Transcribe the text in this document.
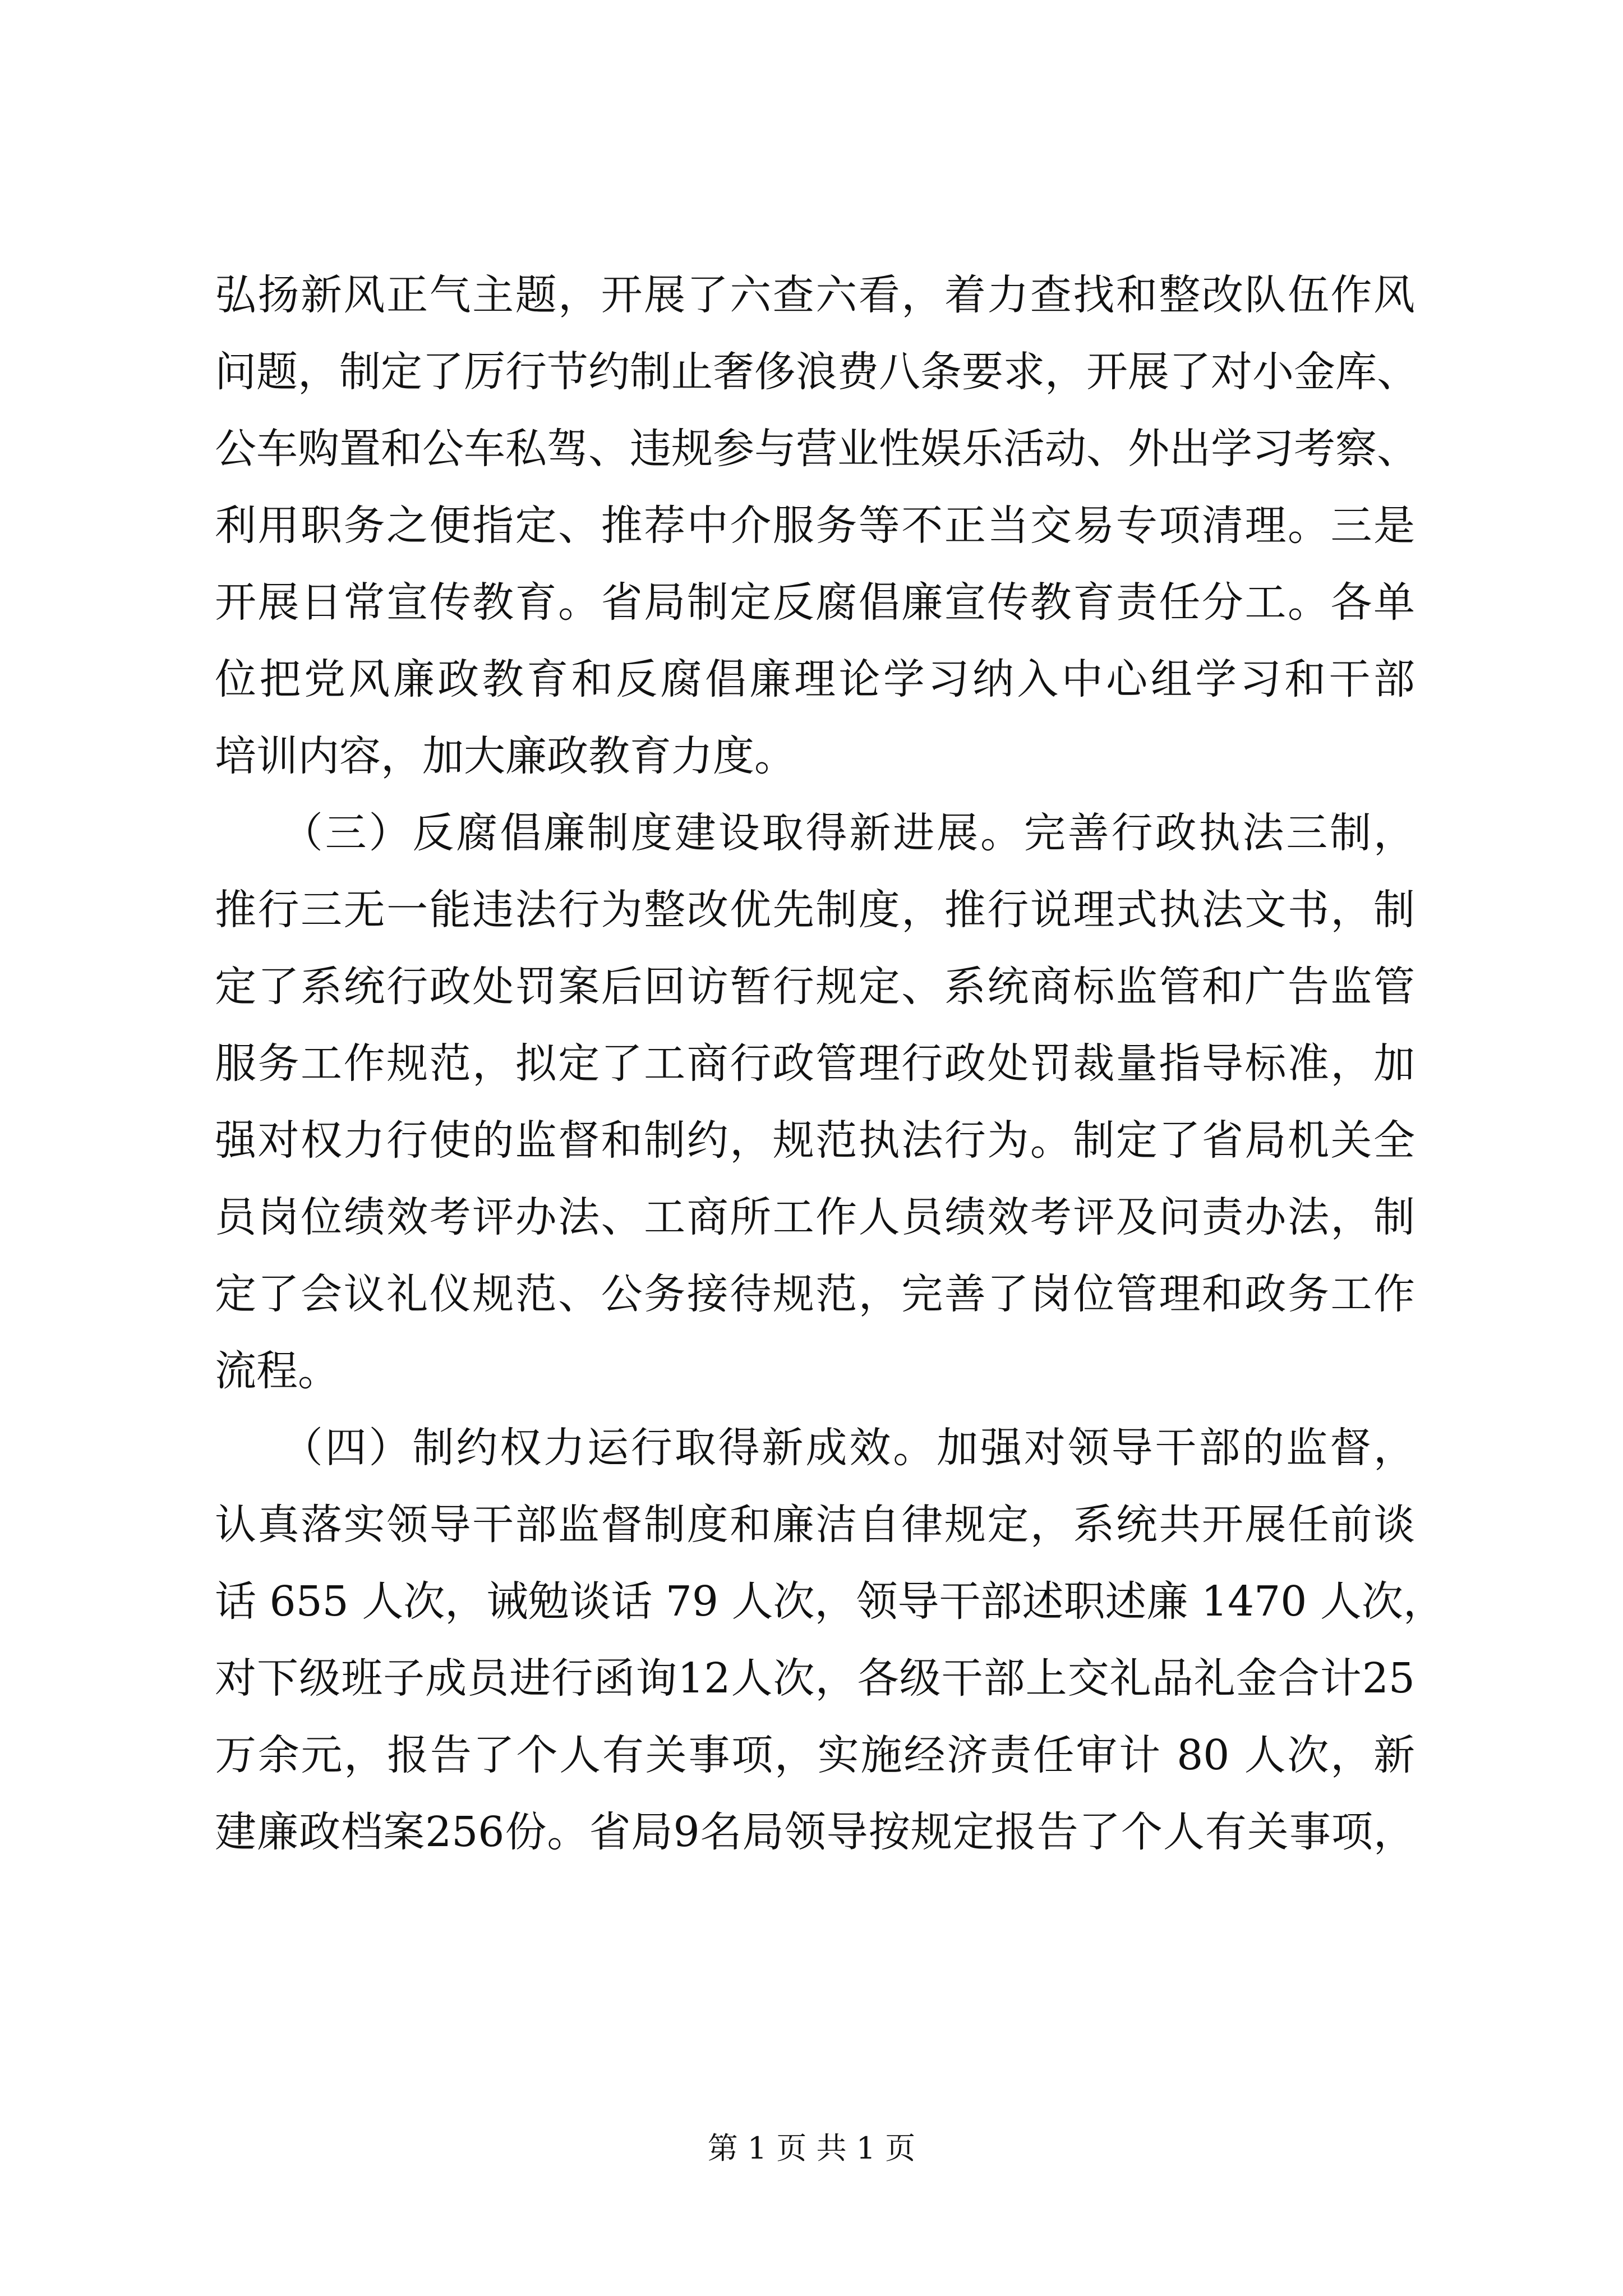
弘扬新风正气主题，开展了六查六看，着力查找和整改队伍作风
问题，制定了厉行节约制止奢侈浪费八条要求，开展了对小金库、
公车购置和公车私驾、违规参与营业性娱乐活动、外出学习考察、
利用职务之便指定、推荐中介服务等不正当交易专项清理。三是
开展日常宣传教育。省局制定反腐倡廉宣传教育责任分工。各单
位把党风廉政教育和反腐倡廉理论学习纳入中心组学习和干部
培训内容，加大廉政教育力度。
　　（三）反腐倡廉制度建设取得新进展。完善行政执法三制，
推行三无一能违法行为整改优先制度，推行说理式执法文书，制
定了系统行政处罚案后回访暂行规定、系统商标监管和广告监管
服务工作规范，拟定了工商行政管理行政处罚裁量指导标准，加
强对权力行使的监督和制约，规范执法行为。制定了省局机关全
员岗位绩效考评办法、工商所工作人员绩效考评及问责办法，制
定了会议礼仪规范、公务接待规范，完善了岗位管理和政务工作
流程。
　　（四）制约权力运行取得新成效。加强对领导干部的监督，
认真落实领导干部监督制度和廉洁自律规定，系统共开展任前谈
话 655 人次，诫勉谈话 79 人次，领导干部述职述廉 1470 人次，
对下级班子成员进行函询12人次，各级干部上交礼品礼金合计25
万余元，报告了个人有关事项，实施经济责任审计 80 人次，新
建廉政档案256份。省局9名局领导按规定报告了个人有关事项，
第 1 页 共 1 页
